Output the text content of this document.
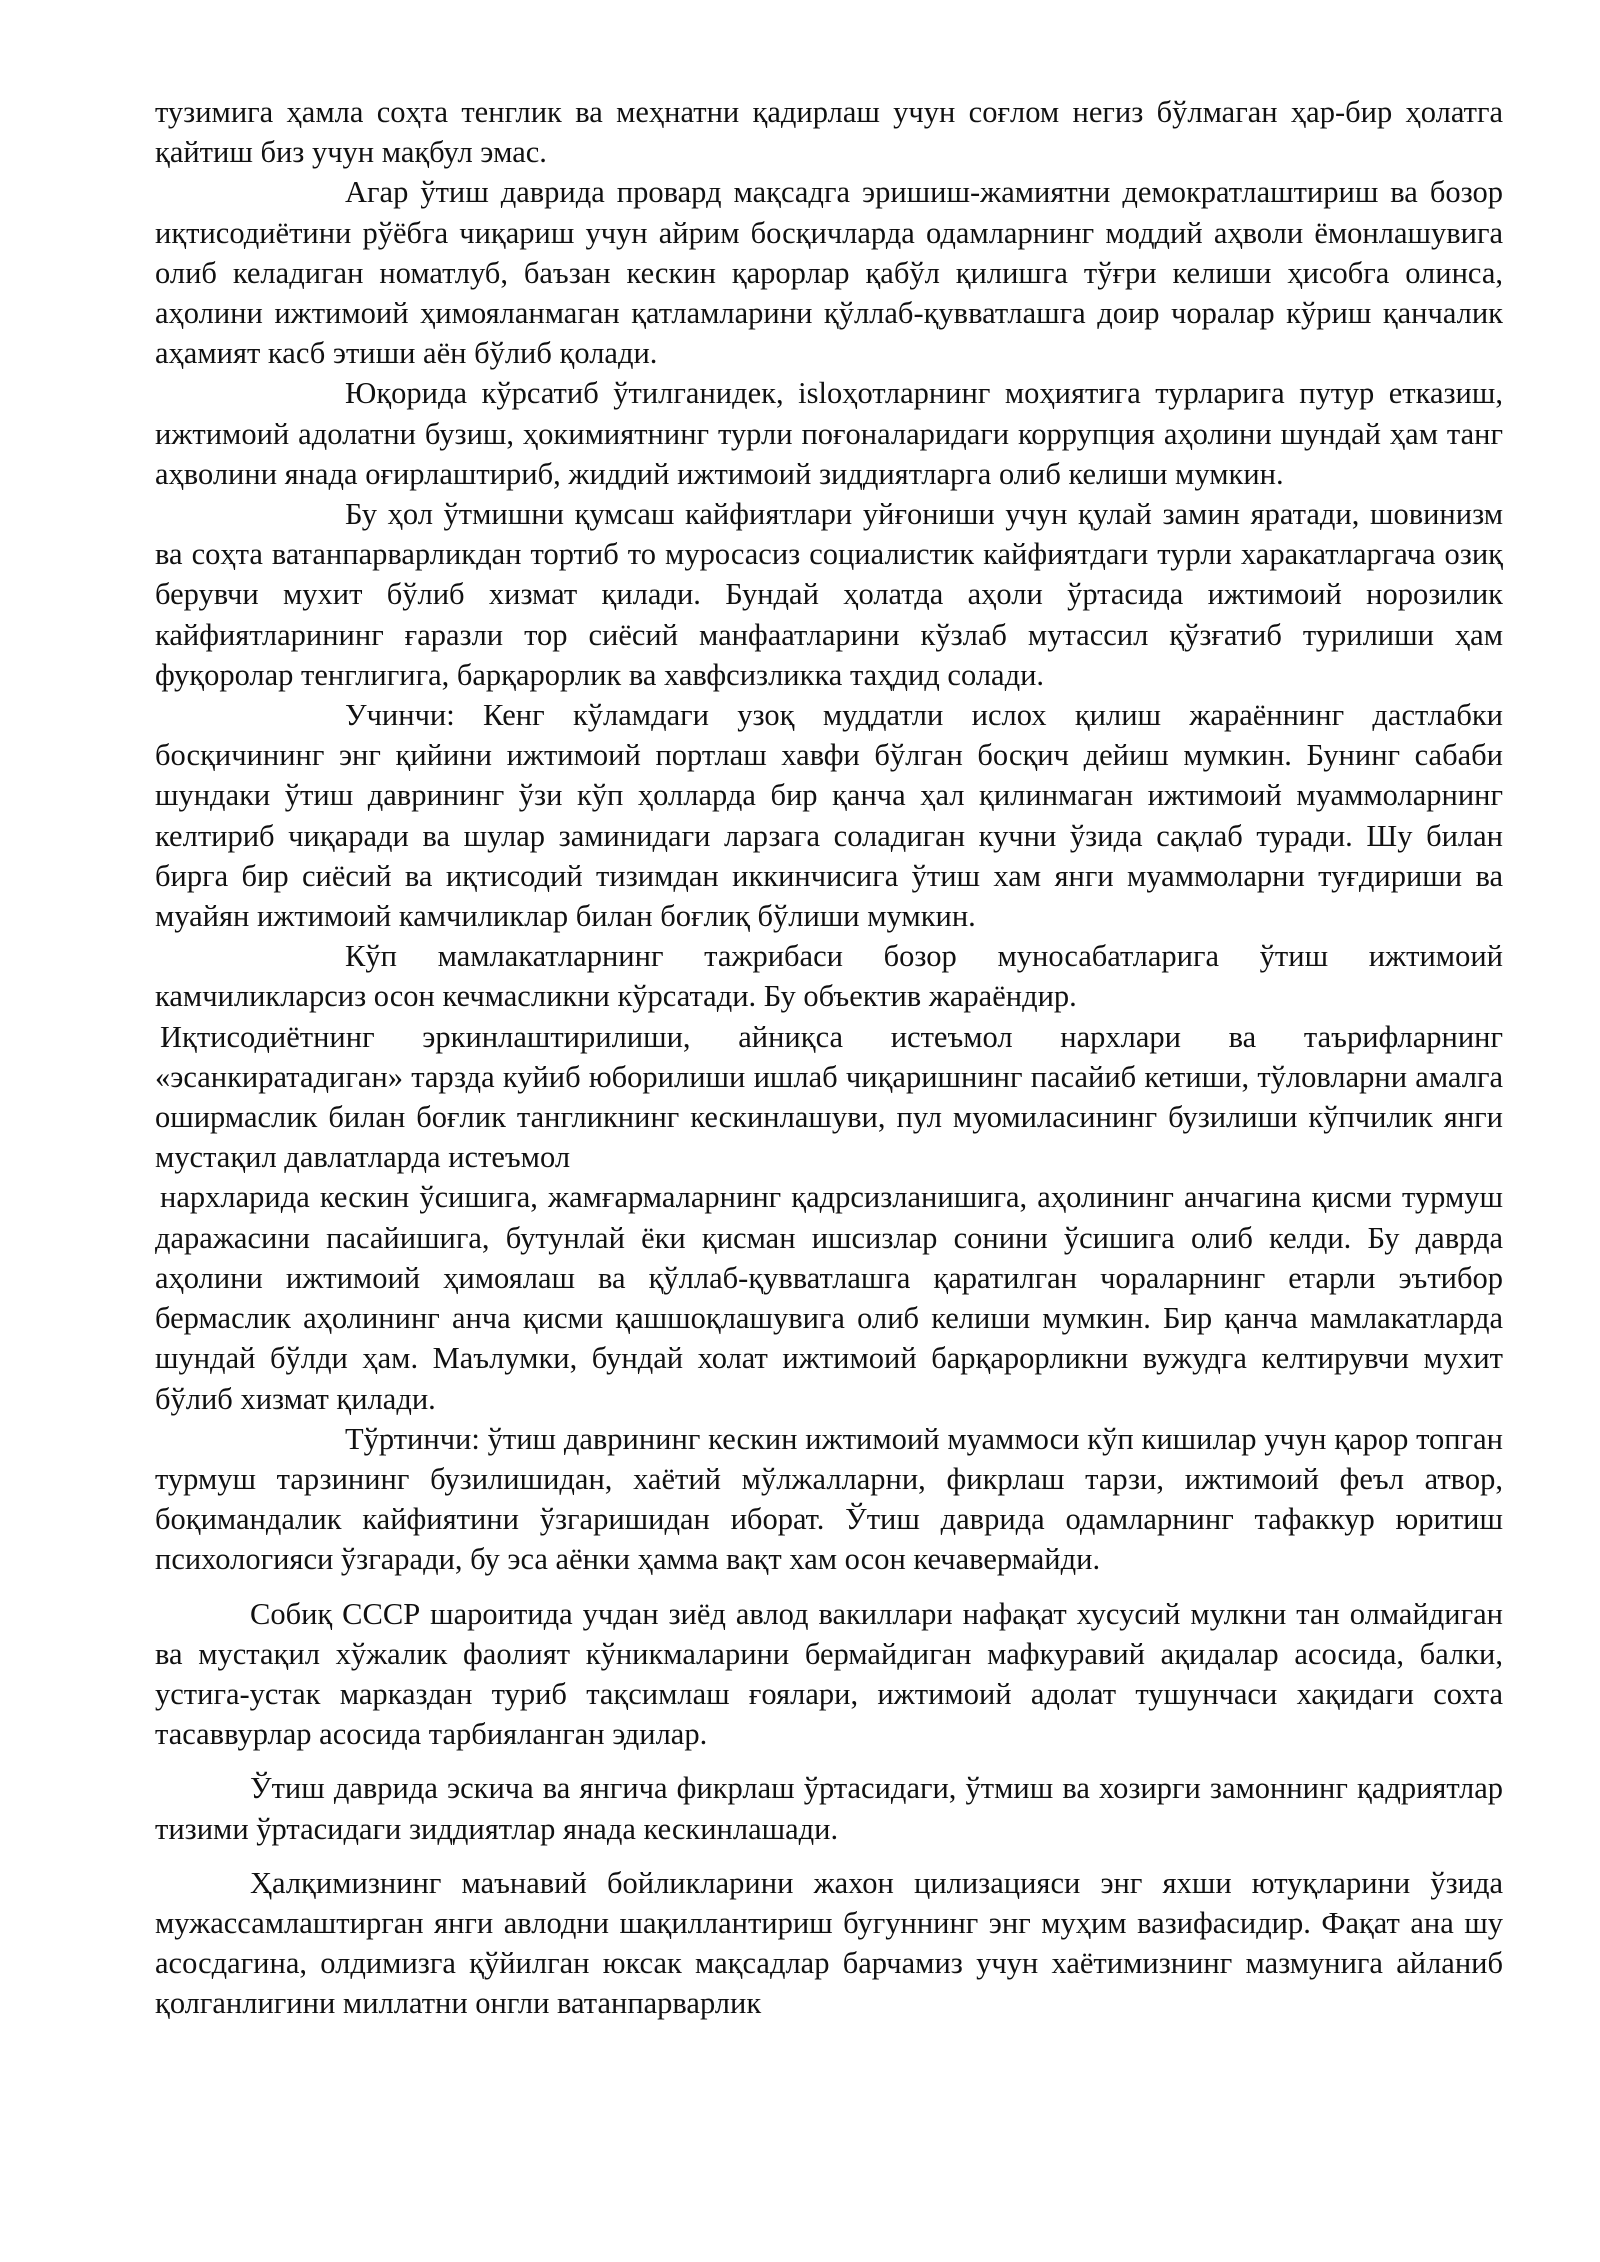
тузимига ҳамла соҳта тенглик ва меҳнатни қадирлаш учун соғлом негиз бўлмаган ҳар-бир ҳолатга қайтиш биз учун мақбул эмас.

Агар ўтиш даврида провард мақсадга эришиш-жамиятни демократлаштириш ва бозор иқтисодиётини рўёбга чиқариш учун айрим босқичларда одамларнинг моддий аҳволи ёмонлашувига олиб келадиган номатлуб, баъзан кескин қарорлар қабўл қилишга тўғри келиши ҳисобга олинса, аҳолини ижтимоий ҳимояланмаган қатламларини қўллаб-қувватлашга доир чоралар кўриш қанчалик аҳамият касб этиши аён бўлиб қолади.

Юқорида кўрсатиб ўтилганидек, islоҳотларнинг моҳиятига турларига путур етказиш, ижтимоий адолатни бузиш, ҳокимиятнинг турли поғоналаридаги коррупция аҳолини шундай ҳам танг аҳволини янада оғирлаштириб, жиддий ижтимоий зиддиятларга олиб келиши мумкин.

Бу ҳол ўтмишни қумсаш кайфиятлари уйғониши учун қулай замин яратади, шовинизм ва соҳта ватанпарварликдан тортиб то муросасиз социалистик кайфиятдаги турли харакатларгача озиқ берувчи мухит бўлиб хизмат қилади. Бундай ҳолатда аҳоли ўртасида ижтимоий норозилик кайфиятларининг ғаразли тор сиёсий манфаатларини кўзлаб мутассил қўзғатиб турилиши ҳам фуқоролар тенглигига, барқарорлик ва хавфсизликка таҳдид солади.

Учинчи: Кенг кўламдаги узоқ муддатли ислох қилиш жараённинг дастлабки босқичининг энг қийини ижтимоий портлаш хавфи бўлган босқич дейиш мумкин. Бунинг сабаби шундаки ўтиш даврининг ўзи кўп ҳолларда бир қанча ҳал қилинмаган ижтимоий муаммоларнинг келтириб чиқаради ва шулар заминидаги ларзага соладиган кучни ўзида сақлаб туради. Шу билан бирга бир сиёсий ва иқтисодий тизимдан иккинчисига ўтиш хам янги муаммоларни туғдириши ва муайян ижтимоий камчиликлар билан боғлиқ бўлиши мумкин.

Кўп мамлакатларнинг тажрибаси бозор муносабатларига ўтиш ижтимоий камчиликларсиз осон кечмасликни кўрсатади. Бу объектив жараёндир.

Иқтисодиётнинг эркинлаштирилиши, айниқса истеъмол нархлари ва таърифларнинг «эсанкиратадиган» тарзда куйиб юборилиши ишлаб чиқаришнинг пасайиб кетиши, тўловларни амалга оширмаслик билан боғлик тангликнинг кескинлашуви, пул муомиласининг бузилиши кўпчилик янги мустақил давлатларда истеъмол

нархларида кескин ўсишига, жамғармаларнинг қадрсизланишига, аҳолининг анчагина қисми турмуш даражасини пасайишига, бутунлай ёки қисман ишсизлар сонини ўсишига олиб келди. Бу даврда аҳолини ижтимоий ҳимоялаш ва қўллаб-қувватлашга қаратилган чораларнинг етарли эътибор бермаслик аҳолининг анча қисми қашшоқлашувига олиб келиши мумкин. Бир қанча мамлакатларда шундай бўлди ҳам. Маълумки, бундай холат ижтимоий барқарорликни вужудга келтирувчи мухит бўлиб хизмат қилади.

Тўртинчи: ўтиш даврининг кескин ижтимоий муаммоси кўп кишилар учун қарор топган турмуш тарзининг бузилишидан, хаётий мўлжалларни, фикрлаш тарзи, ижтимоий феъл атвор, боқимандалик кайфиятини ўзгаришидан иборат. Ўтиш даврида одамларнинг тафаккур юритиш психологияси ўзгаради, бу эса аёнки ҳамма вақт хам осон кечавермайди.

Собиқ СССР шароитида учдан зиёд авлод вакиллари нафақат хусусий мулкни тан олмайдиган ва мустақил хўжалик фаолият кўникмаларини бермайдиган мафкуравий ақидалар асосида, балки, устига-устак марказдан туриб тақсимлаш ғоялари, ижтимоий адолат тушунчаси хақидаги сохта тасаввурлар асосида тарбияланган эдилар.

Ўтиш даврида эскича ва янгича фикрлаш ўртасидаги, ўтмиш ва хозирги замоннинг қадриятлар тизими ўртасидаги зиддиятлар янада кескинлашади.

Ҳалқимизнинг маънавий бойликларини жахон цилизацияси энг яхши ютуқларини ўзида мужассамлаштирган янги авлодни шақиллантириш бугуннинг энг муҳим вазифасидир. Фақат ана шу асосдагина, олдимизга қўйилган юксак мақсадлар барчамиз учун хаётимизнинг мазмунига айланиб қолганлигини миллатни онгли ватанпарварлик
